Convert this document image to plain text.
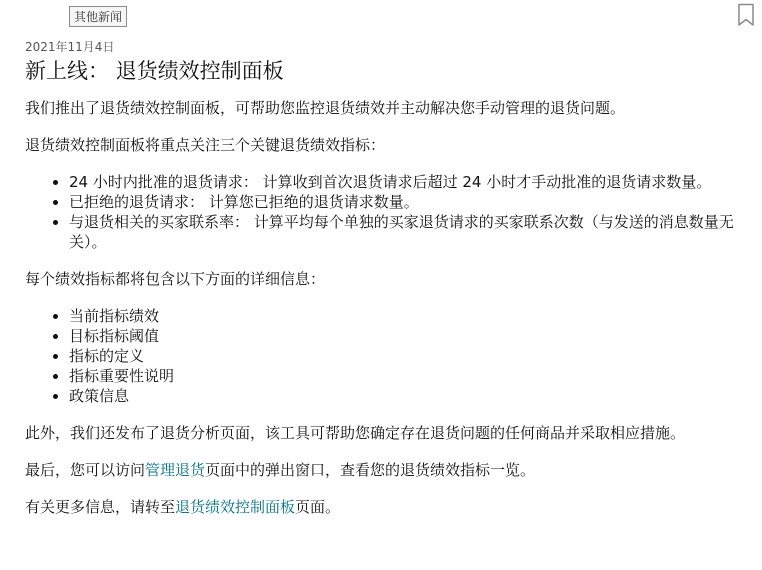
其他新闻
2021年11月4日
新上线： 退货绩效控制面板

我们推出了退货绩效控制面板，可帮助您监控退货绩效并主动解决您手动管理的退货问题。

退货绩效控制面板将重点关注三个关键退货绩效指标：

• 24 小时内批准的退货请求： 计算收到首次退货请求后超过 24 小时才手动批准的退货请求数量。
• 已拒绝的退货请求： 计算您已拒绝的退货请求数量。
• 与退货相关的买家联系率： 计算平均每个单独的买家退货请求的买家联系次数（与发送的消息数量无关）。

每个绩效指标都将包含以下方面的详细信息：

• 当前指标绩效
• 目标指标阈值
• 指标的定义
• 指标重要性说明
• 政策信息

此外，我们还发布了退货分析页面，该工具可帮助您确定存在退货问题的任何商品并采取相应措施。

最后，您可以访问管理退货页面中的弹出窗口，查看您的退货绩效指标一览。

有关更多信息，请转至退货绩效控制面板页面。
